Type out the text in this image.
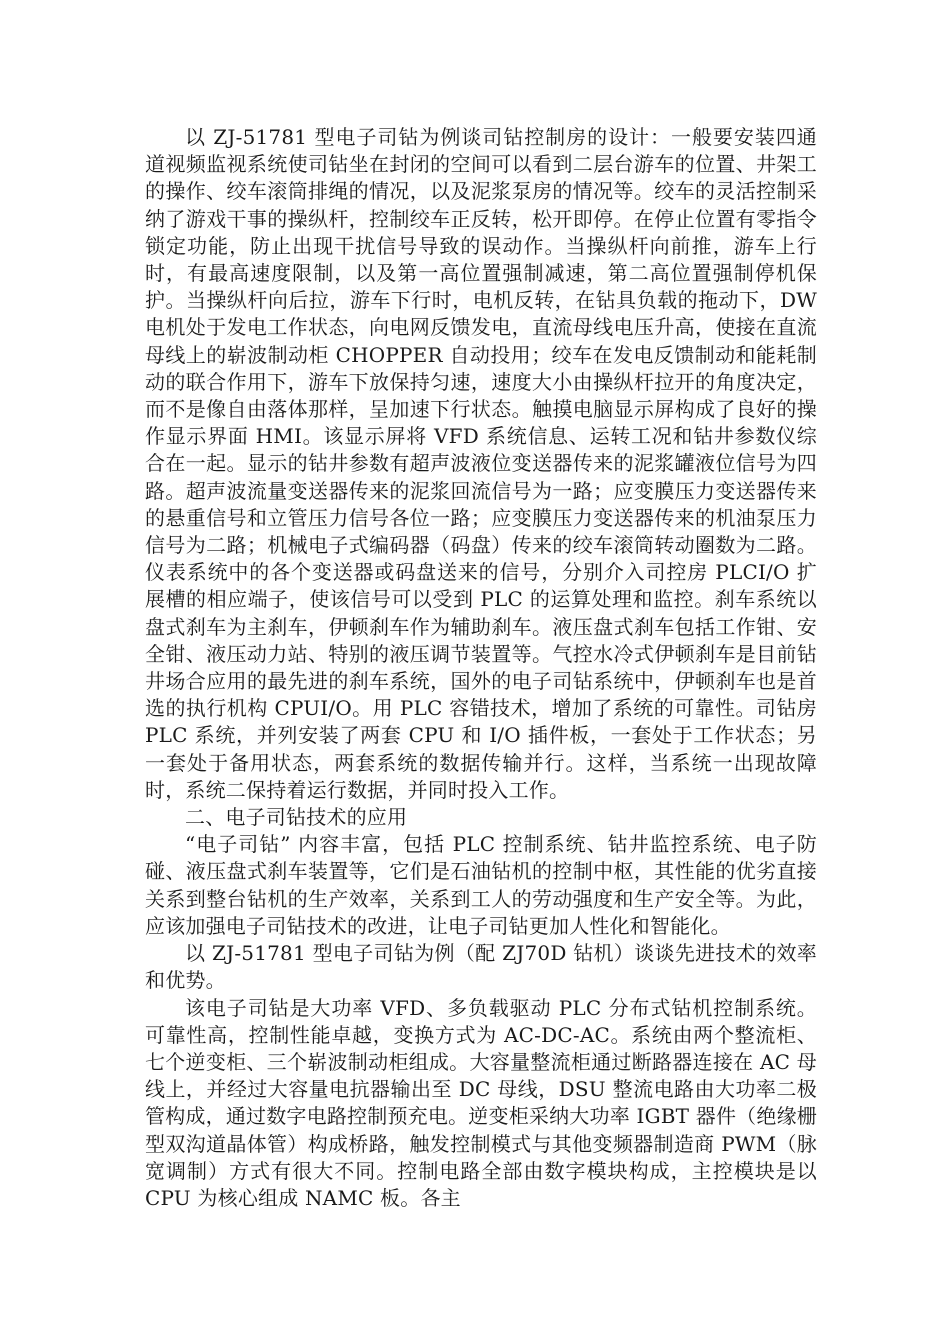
以 ZJ-51781 型电子司钻为例谈司钻控制房的设计：一般要安装四通道视频监视系统使司钻坐在封闭的空间可以看到二层台游车的位置、井架工的操作、绞车滚筒排绳的情况，以及泥浆泵房的情况等。绞车的灵活控制采纳了游戏干事的操纵杆，控制绞车正反转，松开即停。在停止位置有零指令锁定功能，防止出现干扰信号导致的误动作。当操纵杆向前推，游车上行时，有最高速度限制，以及第一高位置强制减速，第二高位置强制停机保护。当操纵杆向后拉，游车下行时，电机反转，在钻具负载的拖动下，DW 电机处于发电工作状态，向电网反馈发电，直流母线电压升高，使接在直流母线上的崭波制动柜 CHOPPER 自动投用；绞车在发电反馈制动和能耗制动的联合作用下，游车下放保持匀速，速度大小由操纵杆拉开的角度决定，而不是像自由落体那样，呈加速下行状态。触摸电脑显示屏构成了良好的操作显示界面 HMI。该显示屏将 VFD 系统信息、运转工况和钻井参数仪综合在一起。显示的钻井参数有超声波液位变送器传来的泥浆罐液位信号为四路。超声波流量变送器传来的泥浆回流信号为一路；应变膜压力变送器传来的悬重信号和立管压力信号各位一路；应变膜压力变送器传来的机油泵压力信号为二路；机械电子式编码器（码盘）传来的绞车滚筒转动圈数为二路。仪表系统中的各个变送器或码盘送来的信号，分别介入司控房 PLCI/O 扩展槽的相应端子，使该信号可以受到 PLC 的运算处理和监控。刹车系统以盘式刹车为主刹车，伊顿刹车作为辅助刹车。液压盘式刹车包括工作钳、安全钳、液压动力站、特别的液压调节装置等。气控水冷式伊顿刹车是目前钻井场合应用的最先进的刹车系统，国外的电子司钻系统中，伊顿刹车也是首选的执行机构 CPUI/O。用 PLC 容错技术，增加了系统的可靠性。司钻房 PLC 系统，并列安装了两套 CPU 和 I/O 插件板，一套处于工作状态；另一套处于备用状态，两套系统的数据传输并行。这样，当系统一出现故障时，系统二保持着运行数据，并同时投入工作。

二、电子司钻技术的应用

“电子司钻” 内容丰富，包括 PLC 控制系统、钻井监控系统、电子防碰、液压盘式刹车装置等，它们是石油钻机的控制中枢，其性能的优劣直接关系到整台钻机的生产效率，关系到工人的劳动强度和生产安全等。为此，应该加强电子司钻技术的改进，让电子司钻更加人性化和智能化。

以 ZJ-51781 型电子司钻为例（配 ZJ70D 钻机）谈谈先进技术的效率和优势。

该电子司钻是大功率 VFD、多负载驱动 PLC 分布式钻机控制系统。可靠性高，控制性能卓越，变换方式为 AC-DC-AC。系统由两个整流柜、七个逆变柜、三个崭波制动柜组成。大容量整流柜通过断路器连接在 AC 母线上，并经过大容量电抗器输出至 DC 母线，DSU 整流电路由大功率二极管构成，通过数字电路控制预充电。逆变柜采纳大功率 IGBT 器件（绝缘栅型双沟道晶体管）构成桥路，触发控制模式与其他变频器制造商 PWM（脉宽调制）方式有很大不同。控制电路全部由数字模块构成，主控模块是以 CPU 为核心组成 NAMC 板。各主
